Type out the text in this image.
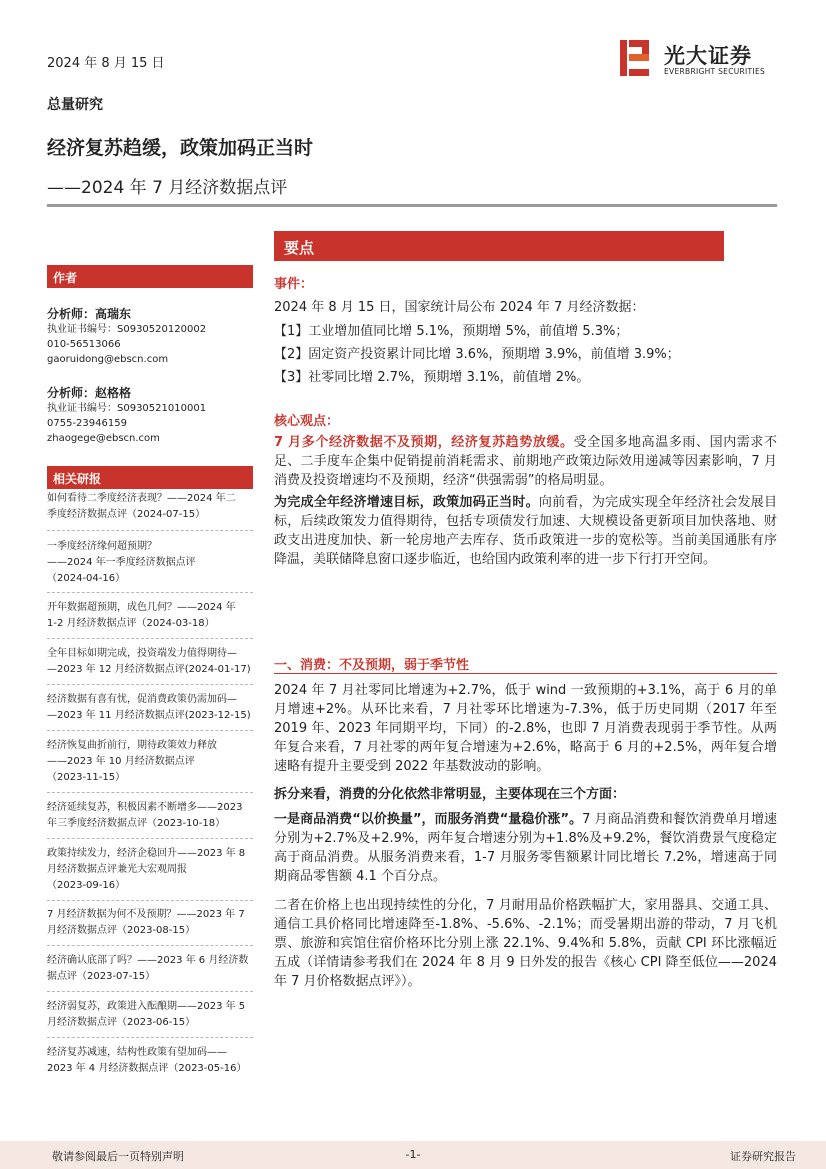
2024 年 8 月 15 日	光大证券
EVERBRIGHT SECURITIES
总量研究
经济复苏趋缓，政策加码正当时
——2024 年 7 月经济数据点评
要点
作者
分析师：高瑞东
执业证书编号：S0930520120002
010-56513066
gaoruidong@ebscn.com
分析师：赵格格
执业证书编号：S0930521010001
0755-23946159
zhaogege@ebscn.com
相关研报
如何看待二季度经济表现？——2024 年二
季度经济数据点评（2024-07-15）
一季度经济缘何超预期？
——2024 年一季度经济数据点评
（2024-04-16）
开年数据超预期，成色几何？——2024 年
1-2 月经济数据点评（2024-03-18）
全年目标如期完成，投资端发力值得期待—
—2023 年 12 月经济数据点评(2024-01-17)
经济数据有喜有忧，促消费政策仍需加码—
—2023 年 11 月经济数据点评(2023-12-15)
经济恢复曲折前行，期待政策效力释放
——2023 年 10 月经济数据点评
（2023-11-15）
经济延续复苏，积极因素不断增多——2023
年三季度经济数据点评（2023-10-18）
政策持续发力，经济企稳回升——2023 年 8
月经济数据点评兼光大宏观周报
（2023-09-16）
7 月经济数据为何不及预期？——2023 年 7
月经济数据点评（2023-08-15）
经济确认底部了吗？——2023 年 6 月经济数
据点评（2023-07-15）
经济弱复苏，政策进入酝酿期——2023 年 5
月经济数据点评（2023-06-15）
经济复苏减速，结构性政策有望加码——
2023 年 4 月经济数据点评（2023-05-16）
事件：
2024 年 8 月 15 日，国家统计局公布 2024 年 7 月经济数据：
【1】工业增加值同比增 5.1%，预期增 5%，前值增 5.3%；
【2】固定资产投资累计同比增 3.6%，预期增 3.9%，前值增 3.9%；
【3】社零同比增 2.7%，预期增 3.1%，前值增 2%。
核心观点：
7 月多个经济数据不及预期，经济复苏趋势放缓。受全国多地高温多雨、国内需求不足、二手度车企集中促销提前消耗需求、前期地产政策边际效用递减等因素影响，7 月消费及投资增速均不及预期，经济“供强需弱”的格局明显。
为完成全年经济增速目标，政策加码正当时。向前看，为完成实现全年经济社会发展目标，后续政策发力值得期待，包括专项债发行加速、大规模设备更新项目加快落地、财政支出进度加快、新一轮房地产去库存、货币政策进一步的宽松等。当前美国通胀有序降温，美联储降息窗口逐步临近，也给国内政策利率的进一步下行打开空间。
一、消费：不及预期，弱于季节性
2024 年 7 月社零同比增速为+2.7%，低于 wind 一致预期的+3.1%，高于 6 月的单月增速+2%。从环比来看，7 月社零环比增速为-7.3%，低于历史同期（2017 年至 2019 年、2023 年同期平均，下同）的-2.8%，也即 7 月消费表现弱于季节性。从两年复合来看，7 月社零的两年复合增速为+2.6%，略高于 6 月的+2.5%，两年复合增速略有提升主要受到 2022 年基数波动的影响。
拆分来看，消费的分化依然非常明显，主要体现在三个方面：
一是商品消费“以价换量”，而服务消费“量稳价涨”。7 月商品消费和餐饮消费单月增速分别为+2.7%及+2.9%，两年复合增速分别为+1.8%及+9.2%，餐饮消费景气度稳定高于商品消费。从服务消费来看，1-7 月服务零售额累计同比增长 7.2%，增速高于同期商品零售额 4.1 个百分点。
二者在价格上也出现持续性的分化，7 月耐用品价格跌幅扩大，家用器具、交通工具、通信工具价格同比增速降至-1.8%、-5.6%、-2.1%；而受暑期出游的带动，7 月飞机票、旅游和宾馆住宿价格环比分别上涨 22.1%、9.4%和 5.8%，贡献 CPI 环比涨幅近五成（详情请参考我们在 2024 年 8 月 9 日外发的报告《核心 CPI 降至低位——2024 年 7 月价格数据点评》）。
敬请参阅最后一页特别声明	-1-	证券研究报告
